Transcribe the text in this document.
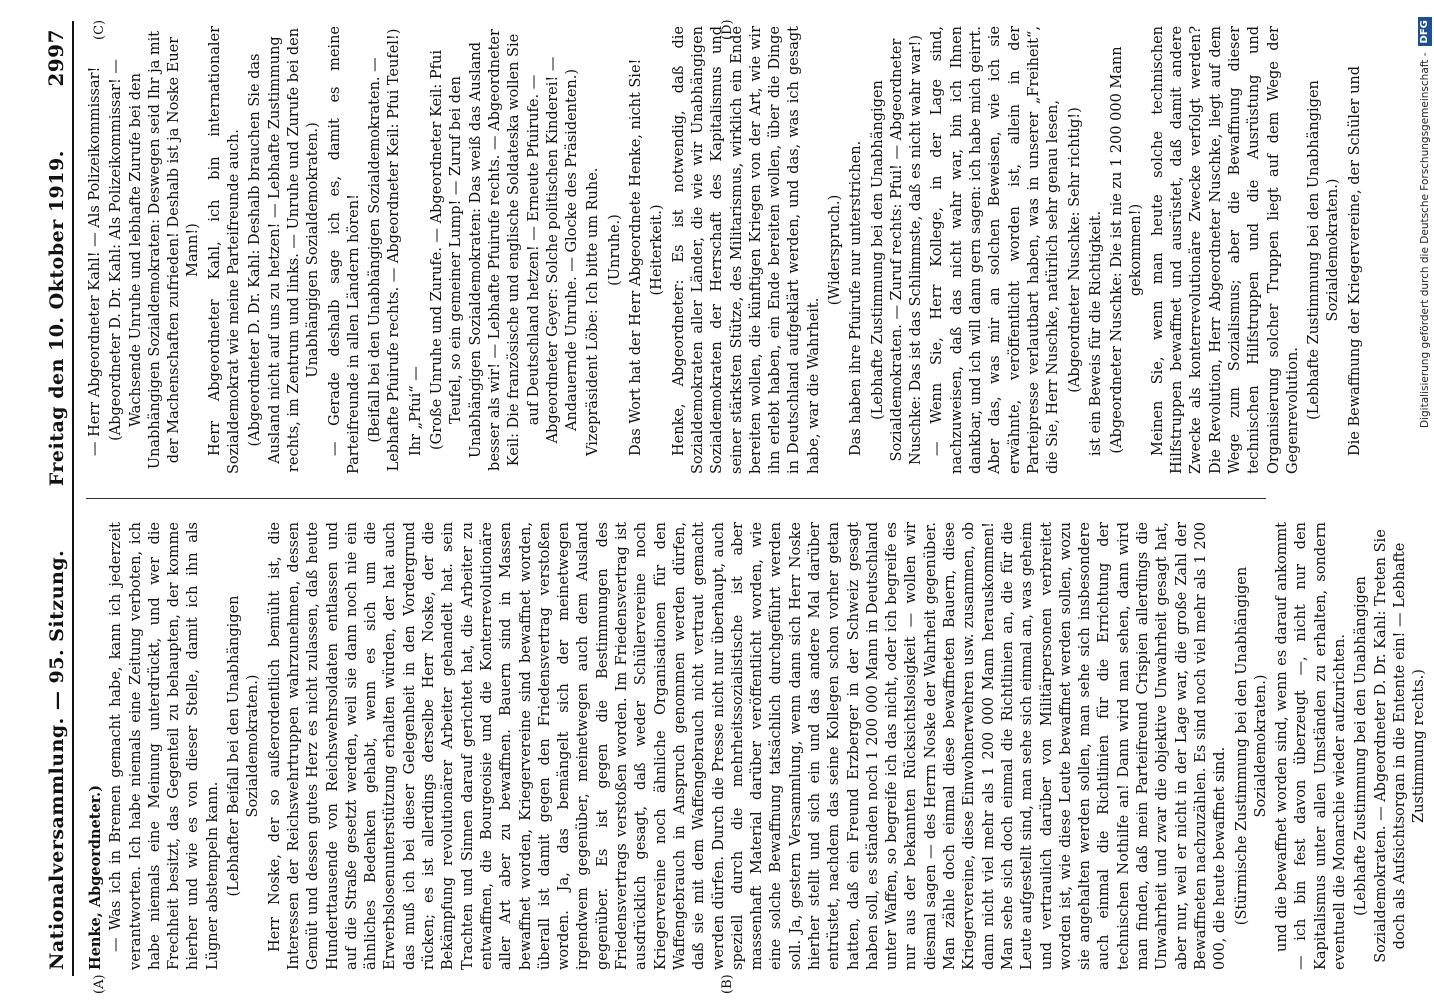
Nationalversammlung. — 95. Sitzung.
Freitag den 10. Oktober 1919.
2997
(A)	(B)
(C)	(D)

Henke, Abgeordneter.) — Was ich in Bremen gemacht habe, kann ich jederzeit verantworten. Ich habe niemals eine Zeitung verboten, ich habe niemals eine Meinung unterdrückt, und wer die Frechheit besitzt, das Gegenteil zu behaupten, der komme hierher und wie es von dieser Stelle, damit ich ihn als Lügner abstempeln kann. (Lebhafter Beifall bei den Unabhängigen Sozialdemokraten.) Herr Noske, der so außerordentlich bemüht ist, die Interessen der Reichswehrtruppen wahrzunehmen, dessen Gemüt und dessen gutes Herz es nicht zulassen, daß heute Hunderttausende von Reichswehrsoldaten entlassen und auf die Straße gesetzt werden, weil sie dann noch nie ein ähnliches Bedenken gehabt, wenn es sich um die Erwerbslosenunterstützung erhalten würden, der hat auch das muß ich bei dieser Gelegenheit in den Vordergrund rücken; es ist allerdings derselbe Herr Noske, der die Bekämpfung revolutionärer Arbeiter gehandelt hat. sein Trachten und Sinnen darauf gerichtet hat, die Arbeiter zu entwaffnen, die Bourgeoisie und die Konterrevolutionäre aller Art aber zu bewaffnen. Bauern sind in Massen bewaffnet worden, Kriegervereine sind bewaffnet worden, überall ist damit gegen den Friedensvertrag verstoßen worden. Ja, das bemängelt sich der meinetwegen irgendwem gegenüber, meinetwegen auch dem Ausland gegenüber. Es ist gegen die Bestimmungen des Friedensvertrags verstoßen worden. Im Friedensvertrag ist ausdrücklich gesagt, daß weder Schülervereine noch Kriegervereine noch ähnliche Organisationen für den Waffengebrauch in Anspruch genommen werden dürfen, daß sie mit dem Waffengebrauch nicht vertraut gemacht werden dürfen. Durch die Presse nicht nur überhaupt, auch speziell durch die mehrheitssozialistische ist aber massenhaft Material darüber veröffentlicht worden, wie eine solche Bewaffnung tatsächlich durchgeführt werden soll. Ja, gestern Versammlung, wenn dann sich Herr Noske hierher stellt und sich ein und das andere Mal darüber entrüstet, nachdem das seine Kollegen schon vorher getan hatten, daß ein Freund Erzberger in der Schweiz gesagt haben soll, es ständen noch 1 200 000 Mann in Deutschland unter Waffen, so begreife ich das nicht, oder ich begreife es nur aus der bekannten Rücksichtslosigkeit — wollen wir diesmal sagen — des Herrn Noske der Wahrheit gegenüber. Man zähle doch einmal diese bewaffneten Bauern, diese Kriegervereine, diese Einwohnerwehren usw. zusammen, ob dann nicht viel mehr als 1 200 000 Mann herauskommen! Man sehe sich doch einmal die Richtlinien an, die für die Leute aufgestellt sind, man sehe sich einmal an, was geheim und vertraulich darüber von Militärpersonen verbreitet worden ist, wie diese Leute bewaffnet werden sollen, wozu sie angehalten werden sollen, man sehe sich insbesondere auch einmal die Richtlinien für die Errichtung der technischen Nothilfe an! Dann wird man sehen, dann wird man finden, daß mein Parteifreund Crispien allerdings die Unwahrheit und zwar die objektive Unwahrheit gesagt hat, aber nur, weil er nicht in der Lage war, die große Zahl der Bewaffneten nachzuzählen. Es sind noch viel mehr als 1 200 000, die heute bewaffnet sind. (Stürmische Zustimmung bei den Unabhängigen Sozialdemokraten.) und die bewaffnet worden sind, wenn es darauf ankommt — ich bin fest davon überzeugt —, nicht nur den Kapitalismus unter allen Umständen zu erhalten, sondern eventuell die Monarchie wieder aufzurichten. (Lebhafte Zustimmung bei den Unabhängigen Sozialdemokraten. — Abgeordneter D. Dr. Kahl: Treten Sie doch als Aufsichtsorgan in die Entente ein! — Lebhafte Zustimmung rechts.)

— Herr Abgeordneter Kahl! — Als Polizeikommissar! (Abgeordneter D. Dr. Kahl: Als Polizeikommissar! — Wachsende Unruhe und lebhafte Zurufe bei den Unabhängigen Sozialdemokraten: Deswegen seid Ihr ja mit der Machenschaften zufrieden! Deshalb ist ja Noske Euer Mann!) Herr Abgeordneter Kahl, ich bin internationaler Sozialdemokrat wie meine Parteifreunde auch. (Abgeordneter D. Dr. Kahl: Deshalb brauchen Sie das Ausland nicht auf uns zu hetzen! — Lebhafte Zustimmung rechts, im Zentrum und links. — Unruhe und Zurufe bei den Unabhängigen Sozialdemokraten.) — Gerade deshalb sage ich es, damit es meine Parteifreunde in allen Ländern hören! (Beifall bei den Unabhängigen Sozialdemokraten. — Lebhafte Pfuirufe rechts. — Abgeordneter Keil: Pfui Teufel!) Ihr „Pfui“ — (Große Unruhe und Zurufe. — Abgeordneter Keil: Pfui Teufel, so ein gemeiner Lump! — Zuruf bei den Unabhängigen Sozialdemokraten: Das weiß das Ausland besser als wir! — Lebhafte Pfuirufe rechts. — Abgeordneter Keil: Die französische und englische Soldateska wollen Sie auf Deutschland hetzen! — Erneute Pfuirufe. — Abgeordneter Geyer: Solche politischen Kinderei! — Andauernde Unruhe. — Glocke des Präsidenten.) Vizepräsident Löbe: Ich bitte um Ruhe. (Unruhe.) Das Wort hat der Herr Abgeordnete Henke, nicht Sie! (Heiterkeit.) Henke, Abgeordneter: Es ist notwendig, daß die Sozialdemokraten aller Länder, die wie wir Unabhängigen Sozialdemokraten der Herrschaft des Kapitalismus und seiner stärksten Stütze, des Militarismus, wirklich ein Ende bereiten wollen, die künftigen Kriegen von der Art, wie wir ihn erlebt haben, ein Ende bereiten wollen, über die Dinge in Deutschland aufgeklärt werden, und das, was ich gesagt habe, war die Wahrheit.

(Widerspruch.) Das haben ihre Pfuirufe nur unterstrichen. (Lebhafte Zustimmung bei den Unabhängigen Sozialdemokraten. — Zuruf rechts: Pfui! — Abgeordneter Nuschke: Das ist das Schlimmste, daß es nicht wahr war!) — Wenn Sie, Herr Kollege, in der Lage sind, nachzuweisen, daß das nicht wahr war, bin ich Ihnen dankbar, und ich will dann gern sagen: ich habe mich geirrt. Aber das, was mir an solchen Beweisen, wie ich sie erwähnte, veröffentlicht worden ist, allein in der Parteipresse verlautbart haben, was in unserer „Freiheit“, die Sie, Herr Nuschke, natürlich sehr genau lesen, (Abgeordneter Nuschke: Sehr richtig!) ist ein Beweis für die Richtigkeit. (Abgeordneter Nuschke: Die ist nie zu 1 200 000 Mann gekommen!) Meinen Sie, wenn man heute solche technischen Hilfstruppen bewaffnet und ausrüstet, daß damit andere Zwecke als konterrevolutionäre Zwecke verfolgt werden? Die Revolution, Herr Abgeordneter Nuschke, liegt auf dem Wege zum Sozialismus; aber die Bewaffnung dieser technischen Hilfstruppen und die Ausrüstung und Organisierung solcher Truppen liegt auf dem Wege der Gegenrevolution. (Lebhafte Zustimmung bei den Unabhängigen Sozialdemokraten.) Die Bewaffnung der Kriegervereine, der Schüler und	Digitalisierung gefördert durch die Deutsche Forschungsgemeinschaft -
DFG
